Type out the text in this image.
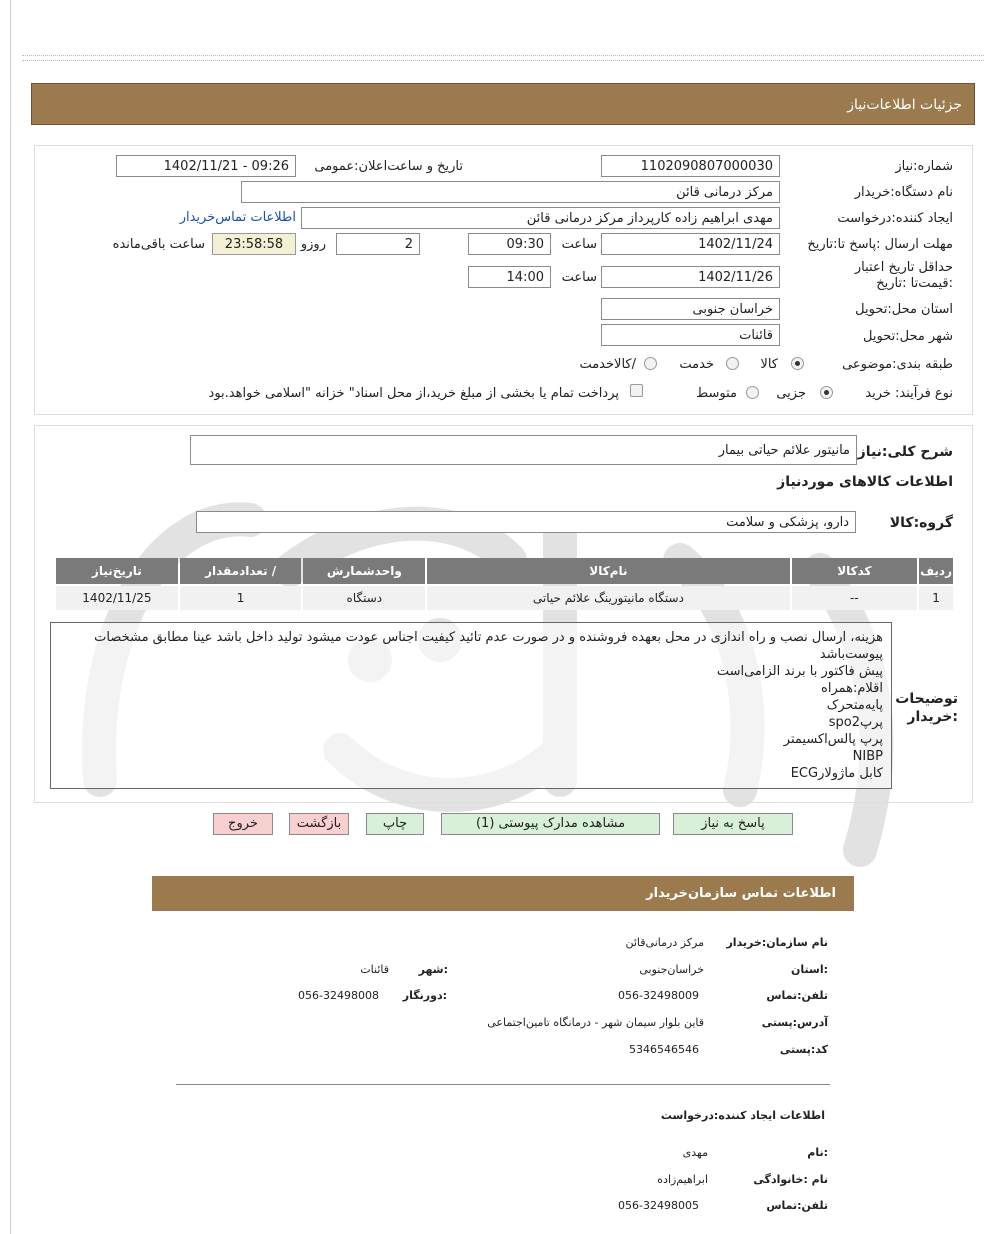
جزئیات اطلاعات‌نیاز
شماره:نیاز
1102090807000030
تاریخ و ساعت‌اعلان:عمومی
1402/11/21 - 09:26
نام دستگاه:خریدار
مرکز درمانی قائن
ایجاد کننده:درخواست
مهدی ابراهیم زاده کارپرداز مرکز درمانی قائن
اطلاعات تماس‌خریدار
مهلت ارسال :پاسخ تا:تاریخ
1402/11/24
ساعت
09:30
2
روزو
23:58:58
ساعت باقی‌مانده
حداقل تاریخ اعتبار :قیمت‌تا :تاریخ
1402/11/26
ساعت
14:00
استان محل:تحویل
خراسان جنوبی
شهر محل:تحویل
قائنات
طبقه بندی:موضوعی
کالا
خدمت
/کالاخدمت
نوع فرآیند: خرید
جزیی
متوسط
پرداخت تمام یا بخشی از مبلغ خرید،از محل اسناد" خزانه "اسلامی خواهد.بود
شرح کلی:نیاز
مانیتور علائم حیاتی بیمار
اطلاعات کالاهای موردنیاز
گروه:کالا
دارو، پزشکی و سلامت
ردیف	کدکالا	نام‌کالا	واحدشمارش	/ تعدادمقدار	تاریخ‌نیاز
1	--	دستگاه مانیتورینگ علائم حیاتی	دستگاه	1	1402/11/25
توضیحات :خریدار
هزینه، ارسال نصب و راه اندازی در محل بعهده فروشنده و در صورت عدم تائید کیفیت اجناس عودت میشود تولید داخل باشد عینا مطابق مشخصات پیوست‌باشد
پیش فاکتور با برند الزامی‌است
اقلام:همراه
پایه‌متحرک
پرپspo2
پرپ پالس‌اکسیمتر
NIBP
کابل ماژولارECG
پاسخ به نیاز
مشاهده مدارک پیوستی (1)
چاپ
بازگشت
خروج
اطلاعات تماس سازمان‌خریدار
نام سازمان:خریدار
مرکز درمانی‌قائن
:استان
خراسان‌جنوبی
:شهر
قائنات
تلفن:تماس
056-32498009
:دورنگار
056-32498008
آدرس:پستی
قاین بلوار سیمان شهر - درمانگاه تامین‌اجتماعی
کد:پستی
5346546546
اطلاعات ایجاد کننده:درخواست
:نام
مهدی
نام :خانوادگی
ابراهیم‌زاده
تلفن:تماس
056-32498005
